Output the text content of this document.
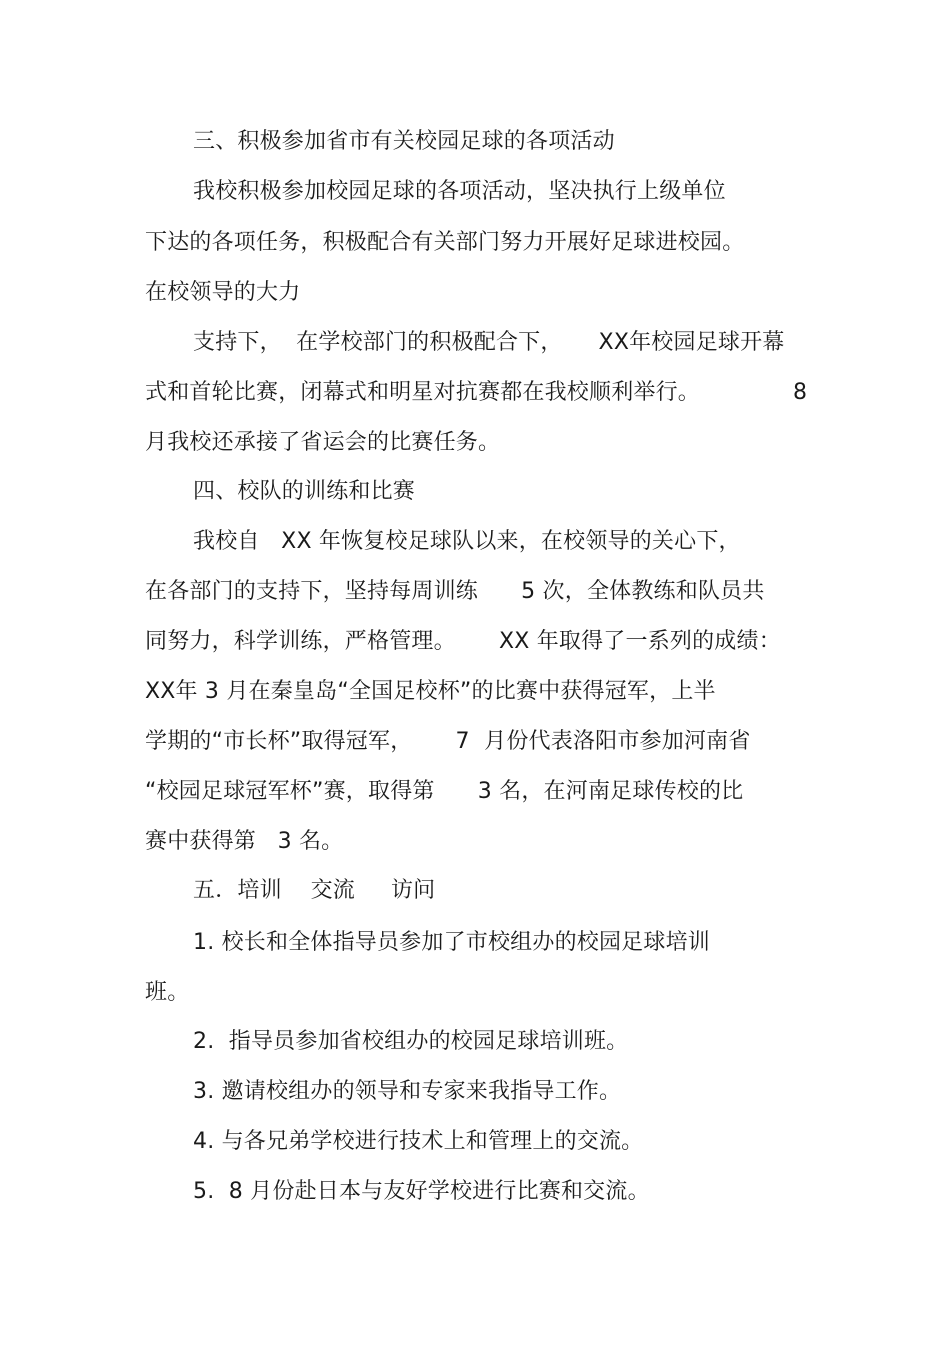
三、积极参加省市有关校园足球的各项活动
我校积极参加校园足球的各项活动，坚决执行上级单位
下达的各项任务，积极配合有关部门努力开展好足球进校园。
在校领导的大力
支持下，  在学校部门的积极配合下，     XX年校园足球开幕
式和首轮比赛，闭幕式和明星对抗赛都在我校顺利举行。	8
月我校还承接了省运会的比赛任务。
四、校队的训练和比赛
我校自   XX 年恢复校足球队以来，在校领导的关心下，
在各部门的支持下，坚持每周训练      5 次，全体教练和队员共
同努力，科学训练，严格管理。      XX 年取得了一系列的成绩：
XX年 3 月在秦皇岛“全国足校杯”的比赛中获得冠军，上半
学期的“市长杯”取得冠军，      7  月份代表洛阳市参加河南省
“校园足球冠军杯”赛，取得第      3 名，在河南足球传校的比
赛中获得第   3 名。
五．培训    交流     访问
1. 校长和全体指导员参加了市校组办的校园足球培训
班。
2.  指导员参加省校组办的校园足球培训班。
3. 邀请校组办的领导和专家来我指导工作。
4. 与各兄弟学校进行技术上和管理上的交流。
5.  8 月份赴日本与友好学校进行比赛和交流。
